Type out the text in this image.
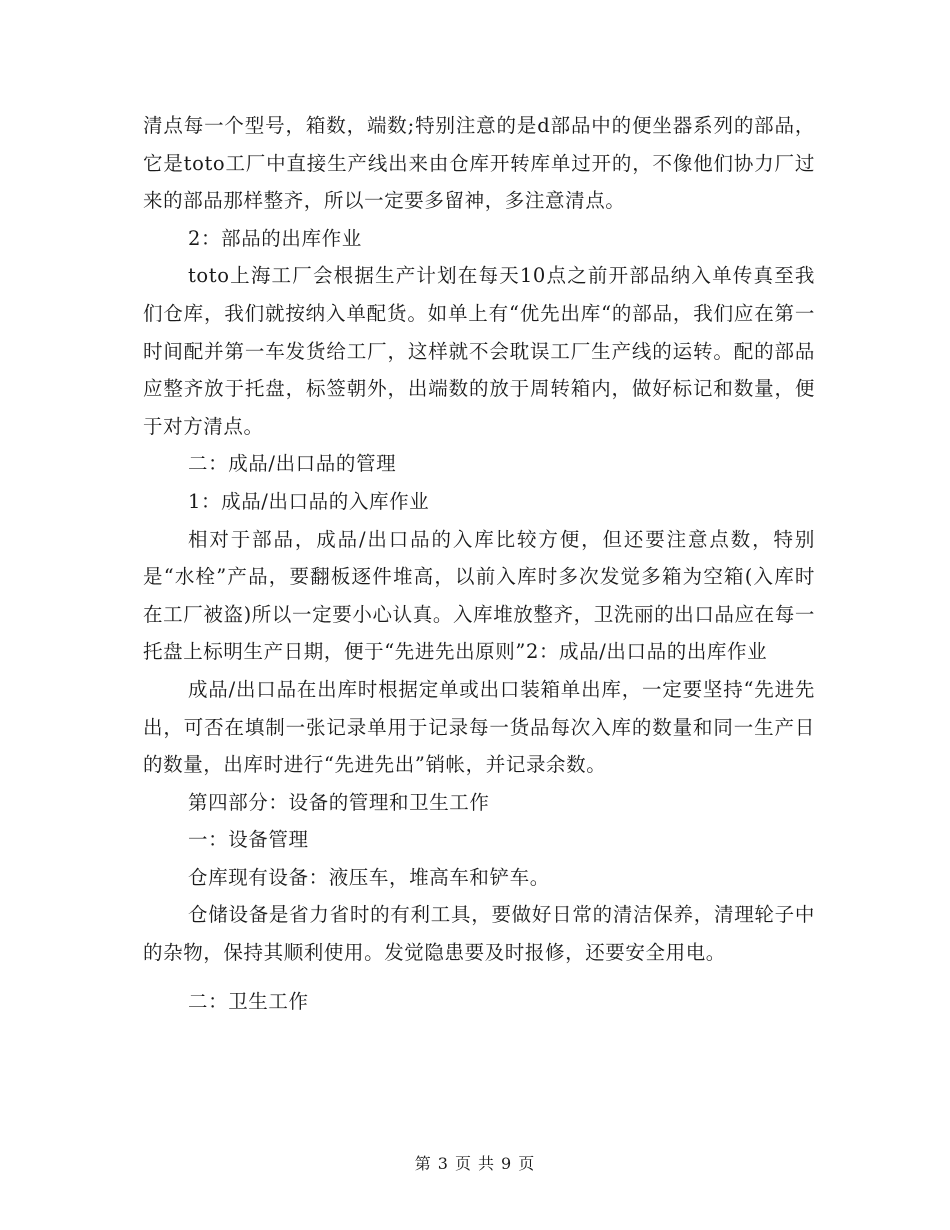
清点每一个型号，箱数，端数;特别注意的是d部品中的便坐器系列的部品，它是toto工厂中直接生产线出来由仓库开转库单过开的，不像他们协力厂过来的部品那样整齐，所以一定要多留神，多注意清点。

2：部品的出库作业

toto上海工厂会根据生产计划在每天10点之前开部品纳入单传真至我们仓库，我们就按纳入单配货。如单上有“优先出库“的部品，我们应在第一时间配并第一车发货给工厂，这样就不会耽误工厂生产线的运转。配的部品应整齐放于托盘，标签朝外，出端数的放于周转箱内，做好标记和数量，便于对方清点。

二：成品/出口品的管理

1：成品/出口品的入库作业

相对于部品，成品/出口品的入库比较方便，但还要注意点数，特别是“水栓”产品，要翻板逐件堆高，以前入库时多次发觉多箱为空箱(入库时在工厂被盗)所以一定要小心认真。入库堆放整齐，卫洗丽的出口品应在每一托盘上标明生产日期，便于“先进先出原则”2：成品/出口品的出库作业

成品/出口品在出库时根据定单或出口装箱单出库，一定要坚持“先进先出，可否在填制一张记录单用于记录每一货品每次入库的数量和同一生产日的数量，出库时进行“先进先出”销帐，并记录余数。

第四部分：设备的管理和卫生工作

一：设备管理

仓库现有设备：液压车，堆高车和铲车。

仓储设备是省力省时的有利工具，要做好日常的清洁保养，清理轮子中的杂物，保持其顺利使用。发觉隐患要及时报修，还要安全用电。

二：卫生工作

第 3 页 共 9 页
